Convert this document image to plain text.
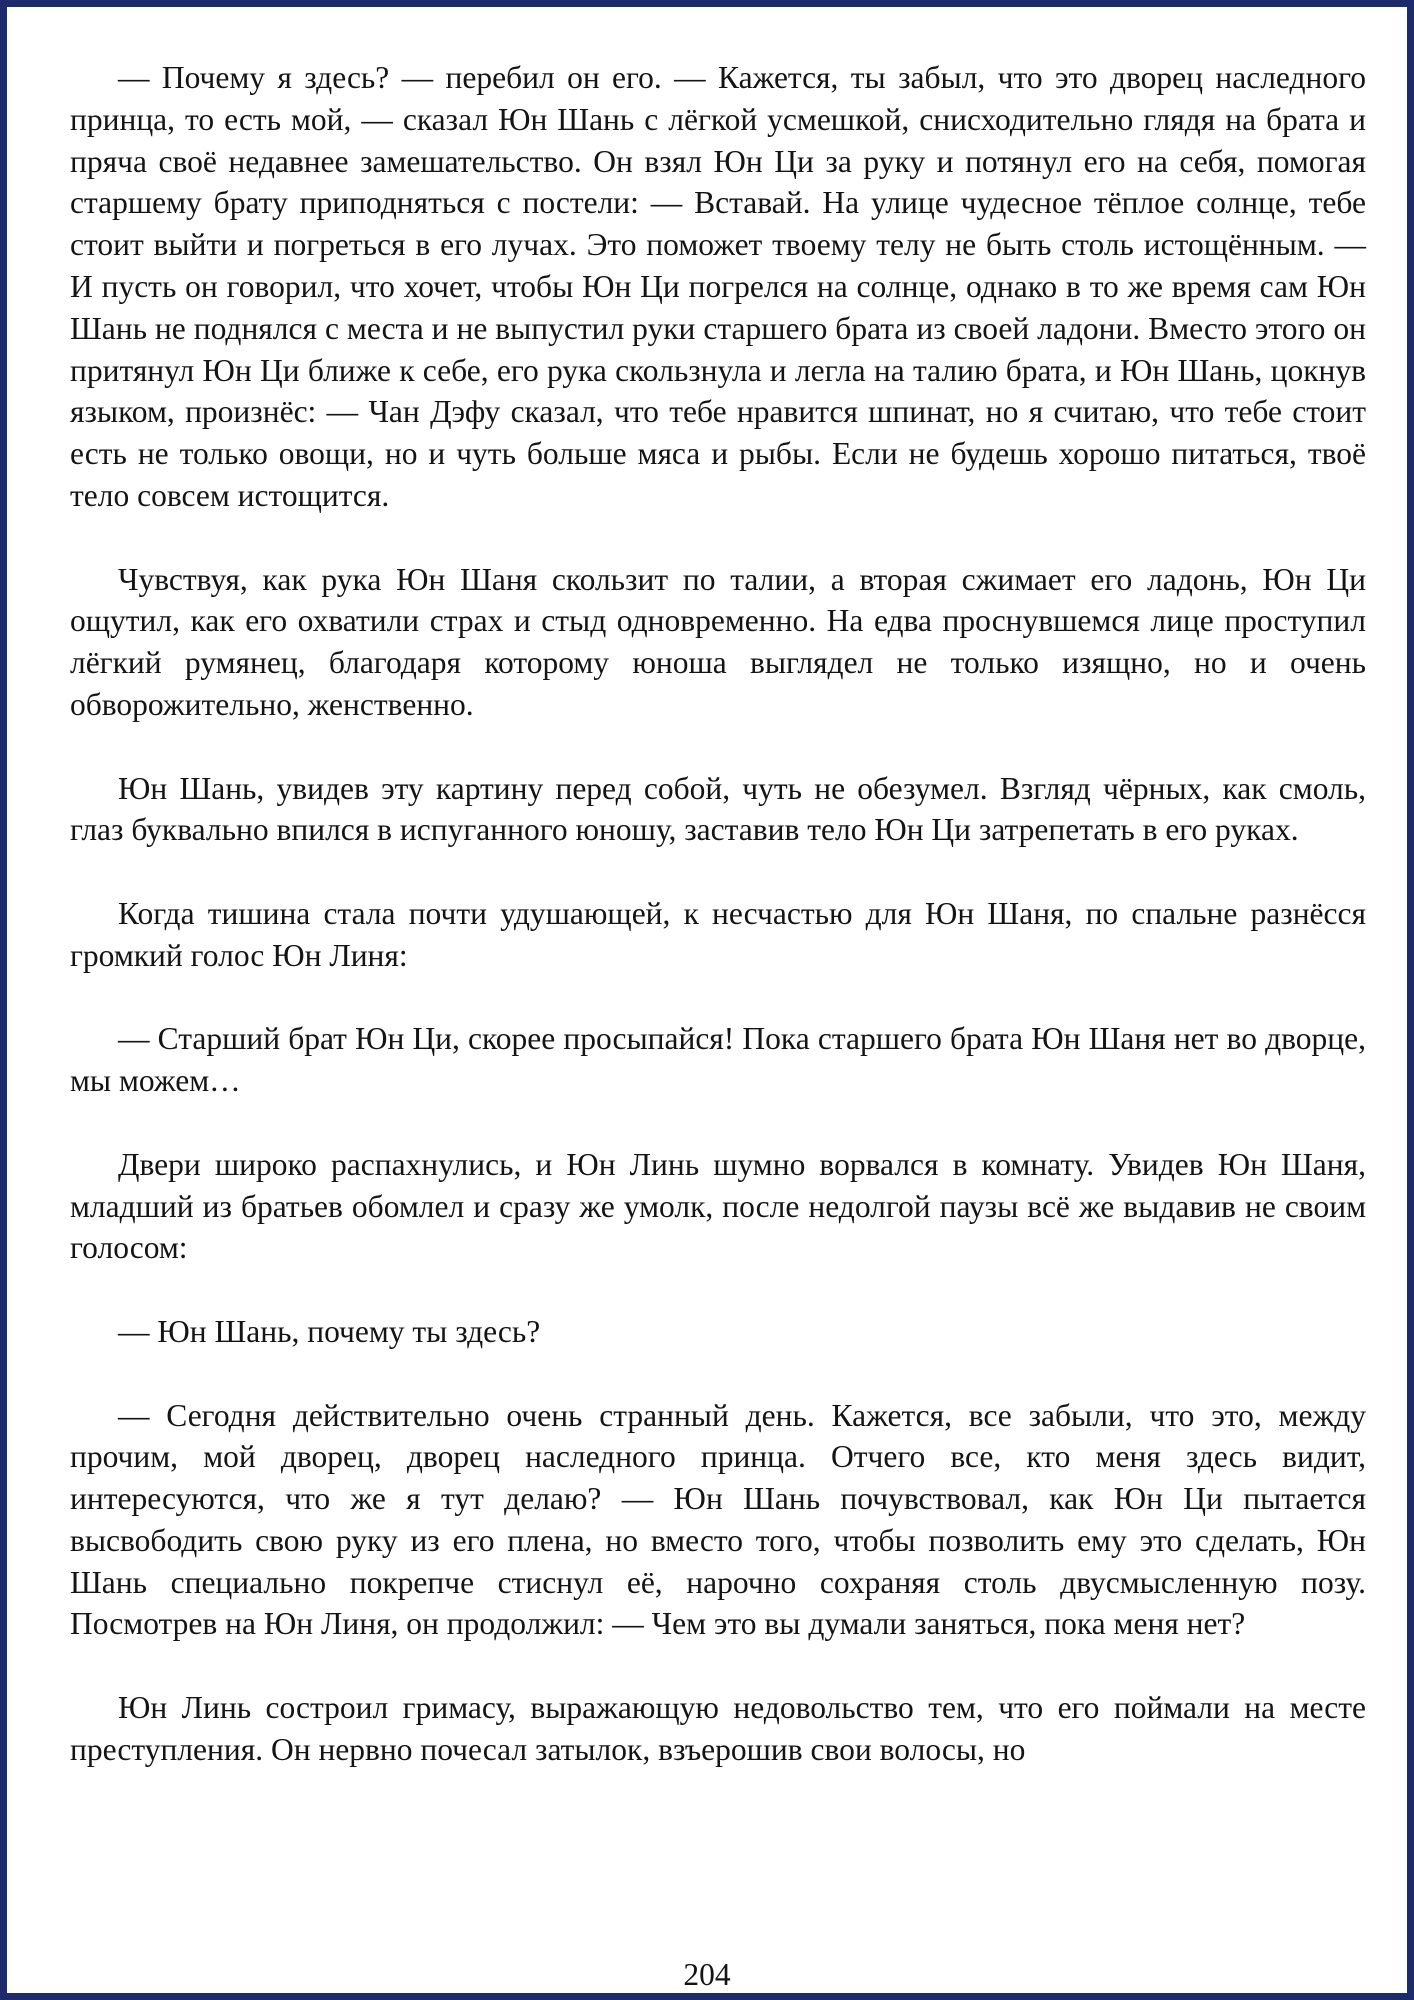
— Почему я здесь? — перебил он его. — Кажется, ты забыл, что это дворец наследного принца, то есть мой, — сказал Юн Шань с лёгкой усмешкой, снисходительно глядя на брата и пряча своё недавнее замешательство. Он взял Юн Ци за руку и потянул его на себя, помогая старшему брату приподняться с постели: — Вставай. На улице чудесное тёплое солнце, тебе стоит выйти и погреться в его лучах. Это поможет твоему телу не быть столь истощённым. — И пусть он говорил, что хочет, чтобы Юн Ци погрелся на солнце, однако в то же время сам Юн Шань не поднялся с места и не выпустил руки старшего брата из своей ладони. Вместо этого он притянул Юн Ци ближе к себе, его рука скользнула и легла на талию брата, и Юн Шань, цокнув языком, произнёс: — Чан Дэфу сказал, что тебе нравится шпинат, но я считаю, что тебе стоит есть не только овощи, но и чуть больше мяса и рыбы. Если не будешь хорошо питаться, твоё тело совсем истощится.

Чувствуя, как рука Юн Шаня скользит по талии, а вторая сжимает его ладонь, Юн Ци ощутил, как его охватили страх и стыд одновременно. На едва проснувшемся лице проступил лёгкий румянец, благодаря которому юноша выглядел не только изящно, но и очень обворожительно, женственно.

Юн Шань, увидев эту картину перед собой, чуть не обезумел. Взгляд чёрных, как смоль, глаз буквально впился в испуганного юношу, заставив тело Юн Ци затрепетать в его руках.

Когда тишина стала почти удушающей, к несчастью для Юн Шаня, по спальне разнёсся громкий голос Юн Линя:

— Старший брат Юн Ци, скорее просыпайся! Пока старшего брата Юн Шаня нет во дворце, мы можем…

Двери широко распахнулись, и Юн Линь шумно ворвался в комнату. Увидев Юн Шаня, младший из братьев обомлел и сразу же умолк, после недолгой паузы всё же выдавив не своим голосом:

— Юн Шань, почему ты здесь?

— Сегодня действительно очень странный день. Кажется, все забыли, что это, между прочим, мой дворец, дворец наследного принца. Отчего все, кто меня здесь видит, интересуются, что же я тут делаю? — Юн Шань почувствовал, как Юн Ци пытается высвободить свою руку из его плена, но вместо того, чтобы позволить ему это сделать, Юн Шань специально покрепче стиснул её, нарочно сохраняя столь двусмысленную позу. Посмотрев на Юн Линя, он продолжил: — Чем это вы думали заняться, пока меня нет?

Юн Линь состроил гримасу, выражающую недовольство тем, что его поймали на месте преступления. Он нервно почесал затылок, взъерошив свои волосы, но

204
